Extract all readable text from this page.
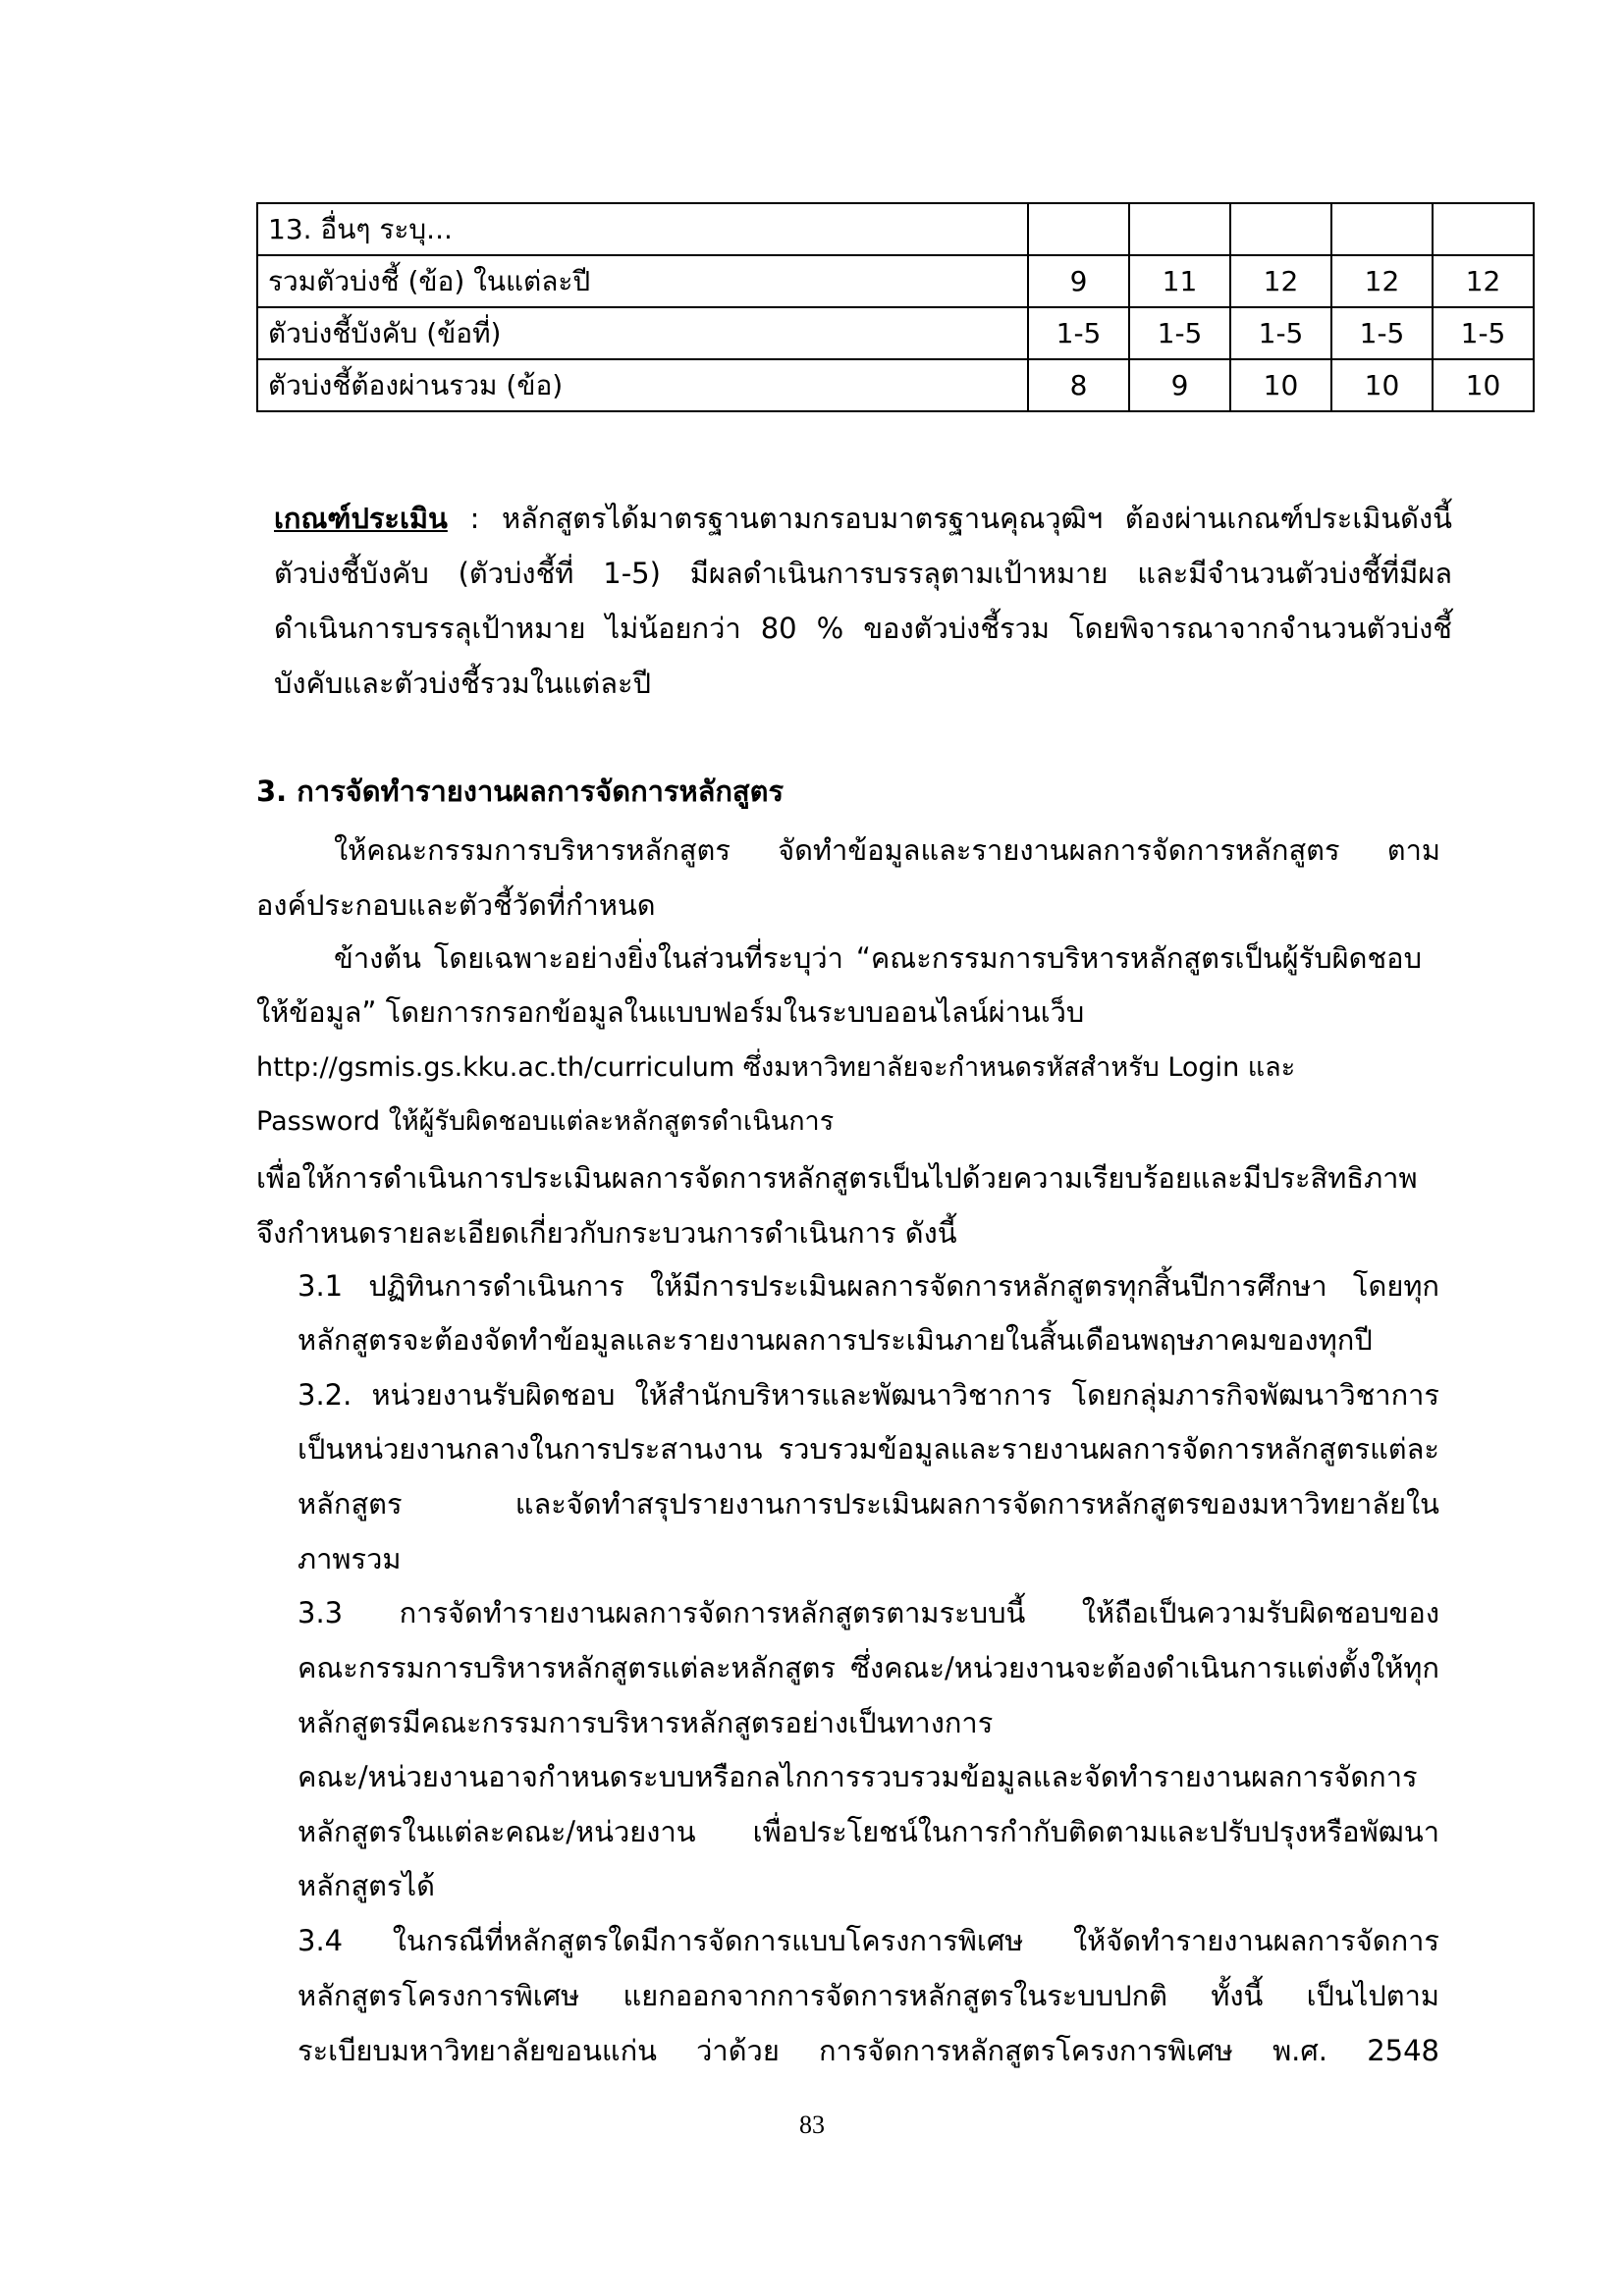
13. อื่นๆ ระบุ...					
รวมตัวบ่งชี้ (ข้อ) ในแต่ละปี	9	11	12	12	12
ตัวบ่งชี้บังคับ (ข้อที่)	1-5	1-5	1-5	1-5	1-5
ตัวบ่งชี้ต้องผ่านรวม (ข้อ)	8	9	10	10	10
เกณฑ์ประเมิน : หลักสูตรได้มาตรฐานตามกรอบมาตรฐานคุณวุฒิฯ ต้องผ่านเกณฑ์ประเมินดังนี้
ตัวบ่งชี้บังคับ (ตัวบ่งชี้ที่ 1-5) มีผลดำเนินการบรรลุตามเป้าหมาย และมีจำนวนตัวบ่งชี้ที่มีผล
ดำเนินการบรรลุเป้าหมาย ไม่น้อยกว่า 80 % ของตัวบ่งชี้รวม โดยพิจารณาจากจำนวนตัวบ่งชี้
บังคับและตัวบ่งชี้รวมในแต่ละปี
3. การจัดทำรายงานผลการจัดการหลักสูตร
ให้คณะกรรมการบริหารหลักสูตร จัดทำข้อมูลและรายงานผลการจัดการหลักสูตร ตาม
องค์ประกอบและตัวชี้วัดที่กำหนด
ข้างต้น โดยเฉพาะอย่างยิ่งในส่วนที่ระบุว่า “คณะกรรมการบริหารหลักสูตรเป็นผู้รับผิดชอบ
ให้ข้อมูล” โดยการกรอกข้อมูลในแบบฟอร์มในระบบออนไลน์ผ่านเว็บ
http://gsmis.gs.kku.ac.th/curriculum ซึ่งมหาวิทยาลัยจะกำหนดรหัสสำหรับ Login และ
Password ให้ผู้รับผิดชอบแต่ละหลักสูตรดำเนินการ
เพื่อให้การดำเนินการประเมินผลการจัดการหลักสูตรเป็นไปด้วยความเรียบร้อยและมีประสิทธิภาพ
จึงกำหนดรายละเอียดเกี่ยวกับกระบวนการดำเนินการ ดังนี้
3.1 ปฏิทินการดำเนินการ ให้มีการประเมินผลการจัดการหลักสูตรทุกสิ้นปีการศึกษา โดยทุก
หลักสูตรจะต้องจัดทำข้อมูลและรายงานผลการประเมินภายในสิ้นเดือนพฤษภาคมของทุกปี
3.2. หน่วยงานรับผิดชอบ ให้สำนักบริหารและพัฒนาวิชาการ โดยกลุ่มภารกิจพัฒนาวิชาการ
เป็นหน่วยงานกลางในการประสานงาน รวบรวมข้อมูลและรายงานผลการจัดการหลักสูตรแต่ละ
หลักสูตร และจัดทำสรุปรายงานการประเมินผลการจัดการหลักสูตรของมหาวิทยาลัยใน
ภาพรวม
3.3 การจัดทำรายงานผลการจัดการหลักสูตรตามระบบนี้ ให้ถือเป็นความรับผิดชอบของ
คณะกรรมการบริหารหลักสูตรแต่ละหลักสูตร ซึ่งคณะ/หน่วยงานจะต้องดำเนินการแต่งตั้งให้ทุก
หลักสูตรมีคณะกรรมการบริหารหลักสูตรอย่างเป็นทางการ
คณะ/หน่วยงานอาจกำหนดระบบหรือกลไกการรวบรวมข้อมูลและจัดทำรายงานผลการจัดการ
หลักสูตรในแต่ละคณะ/หน่วยงาน เพื่อประโยชน์ในการกำกับติดตามและปรับปรุงหรือพัฒนา
หลักสูตรได้
3.4 ในกรณีที่หลักสูตรใดมีการจัดการแบบโครงการพิเศษ ให้จัดทำรายงานผลการจัดการ
หลักสูตรโครงการพิเศษ แยกออกจากการจัดการหลักสูตรในระบบปกติ ทั้งนี้ เป็นไปตาม
ระเบียบมหาวิทยาลัยขอนแก่น ว่าด้วย การจัดการหลักสูตรโครงการพิเศษ พ.ศ. 2548
83
